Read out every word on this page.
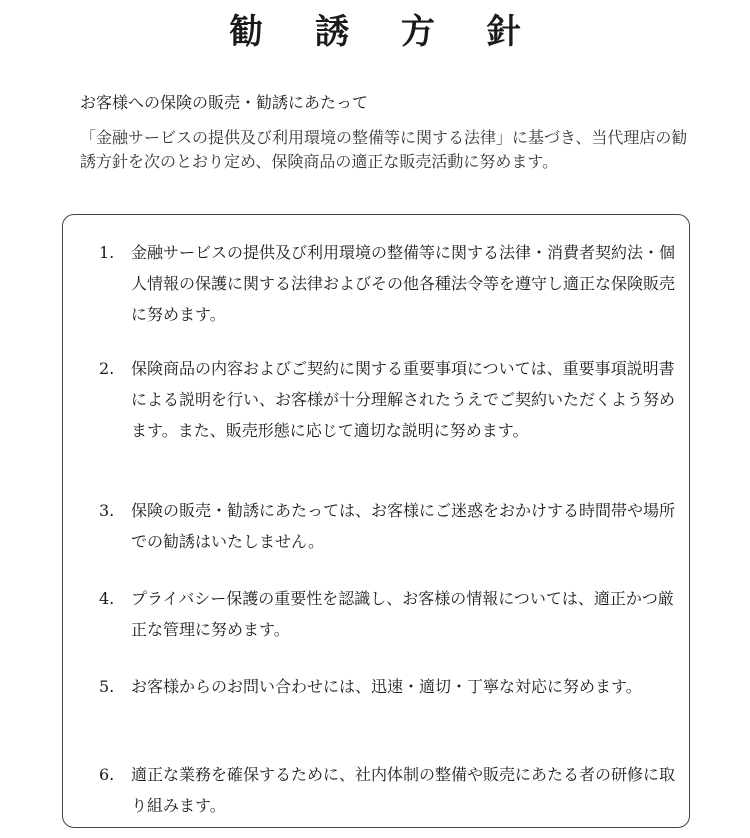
勧 誘 方 針

お客様への保険の販売・勧誘にあたって

「金融サービスの提供及び利用環境の整備等に関する法律」に基づき、当代理店の勧誘方針を次のとおり定め、保険商品の適正な販売活動に努めます。

1.	金融サービスの提供及び利用環境の整備等に関する法律・消費者契約法・個人情報の保護に関する法律およびその他各種法令等を遵守し適正な保険販売に努めます。
2.	保険商品の内容およびご契約に関する重要事項については、重要事項説明書による説明を行い、お客様が十分理解されたうえでご契約いただくよう努めます。また、販売形態に応じて適切な説明に努めます。
3.	保険の販売・勧誘にあたっては、お客様にご迷惑をおかけする時間帯や場所での勧誘はいたしません。
4.	プライバシー保護の重要性を認識し、お客様の情報については、適正かつ厳正な管理に努めます。
5.	お客様からのお問い合わせには、迅速・適切・丁寧な対応に努めます。
6.	適正な業務を確保するために、社内体制の整備や販売にあたる者の研修に取り組みます。
